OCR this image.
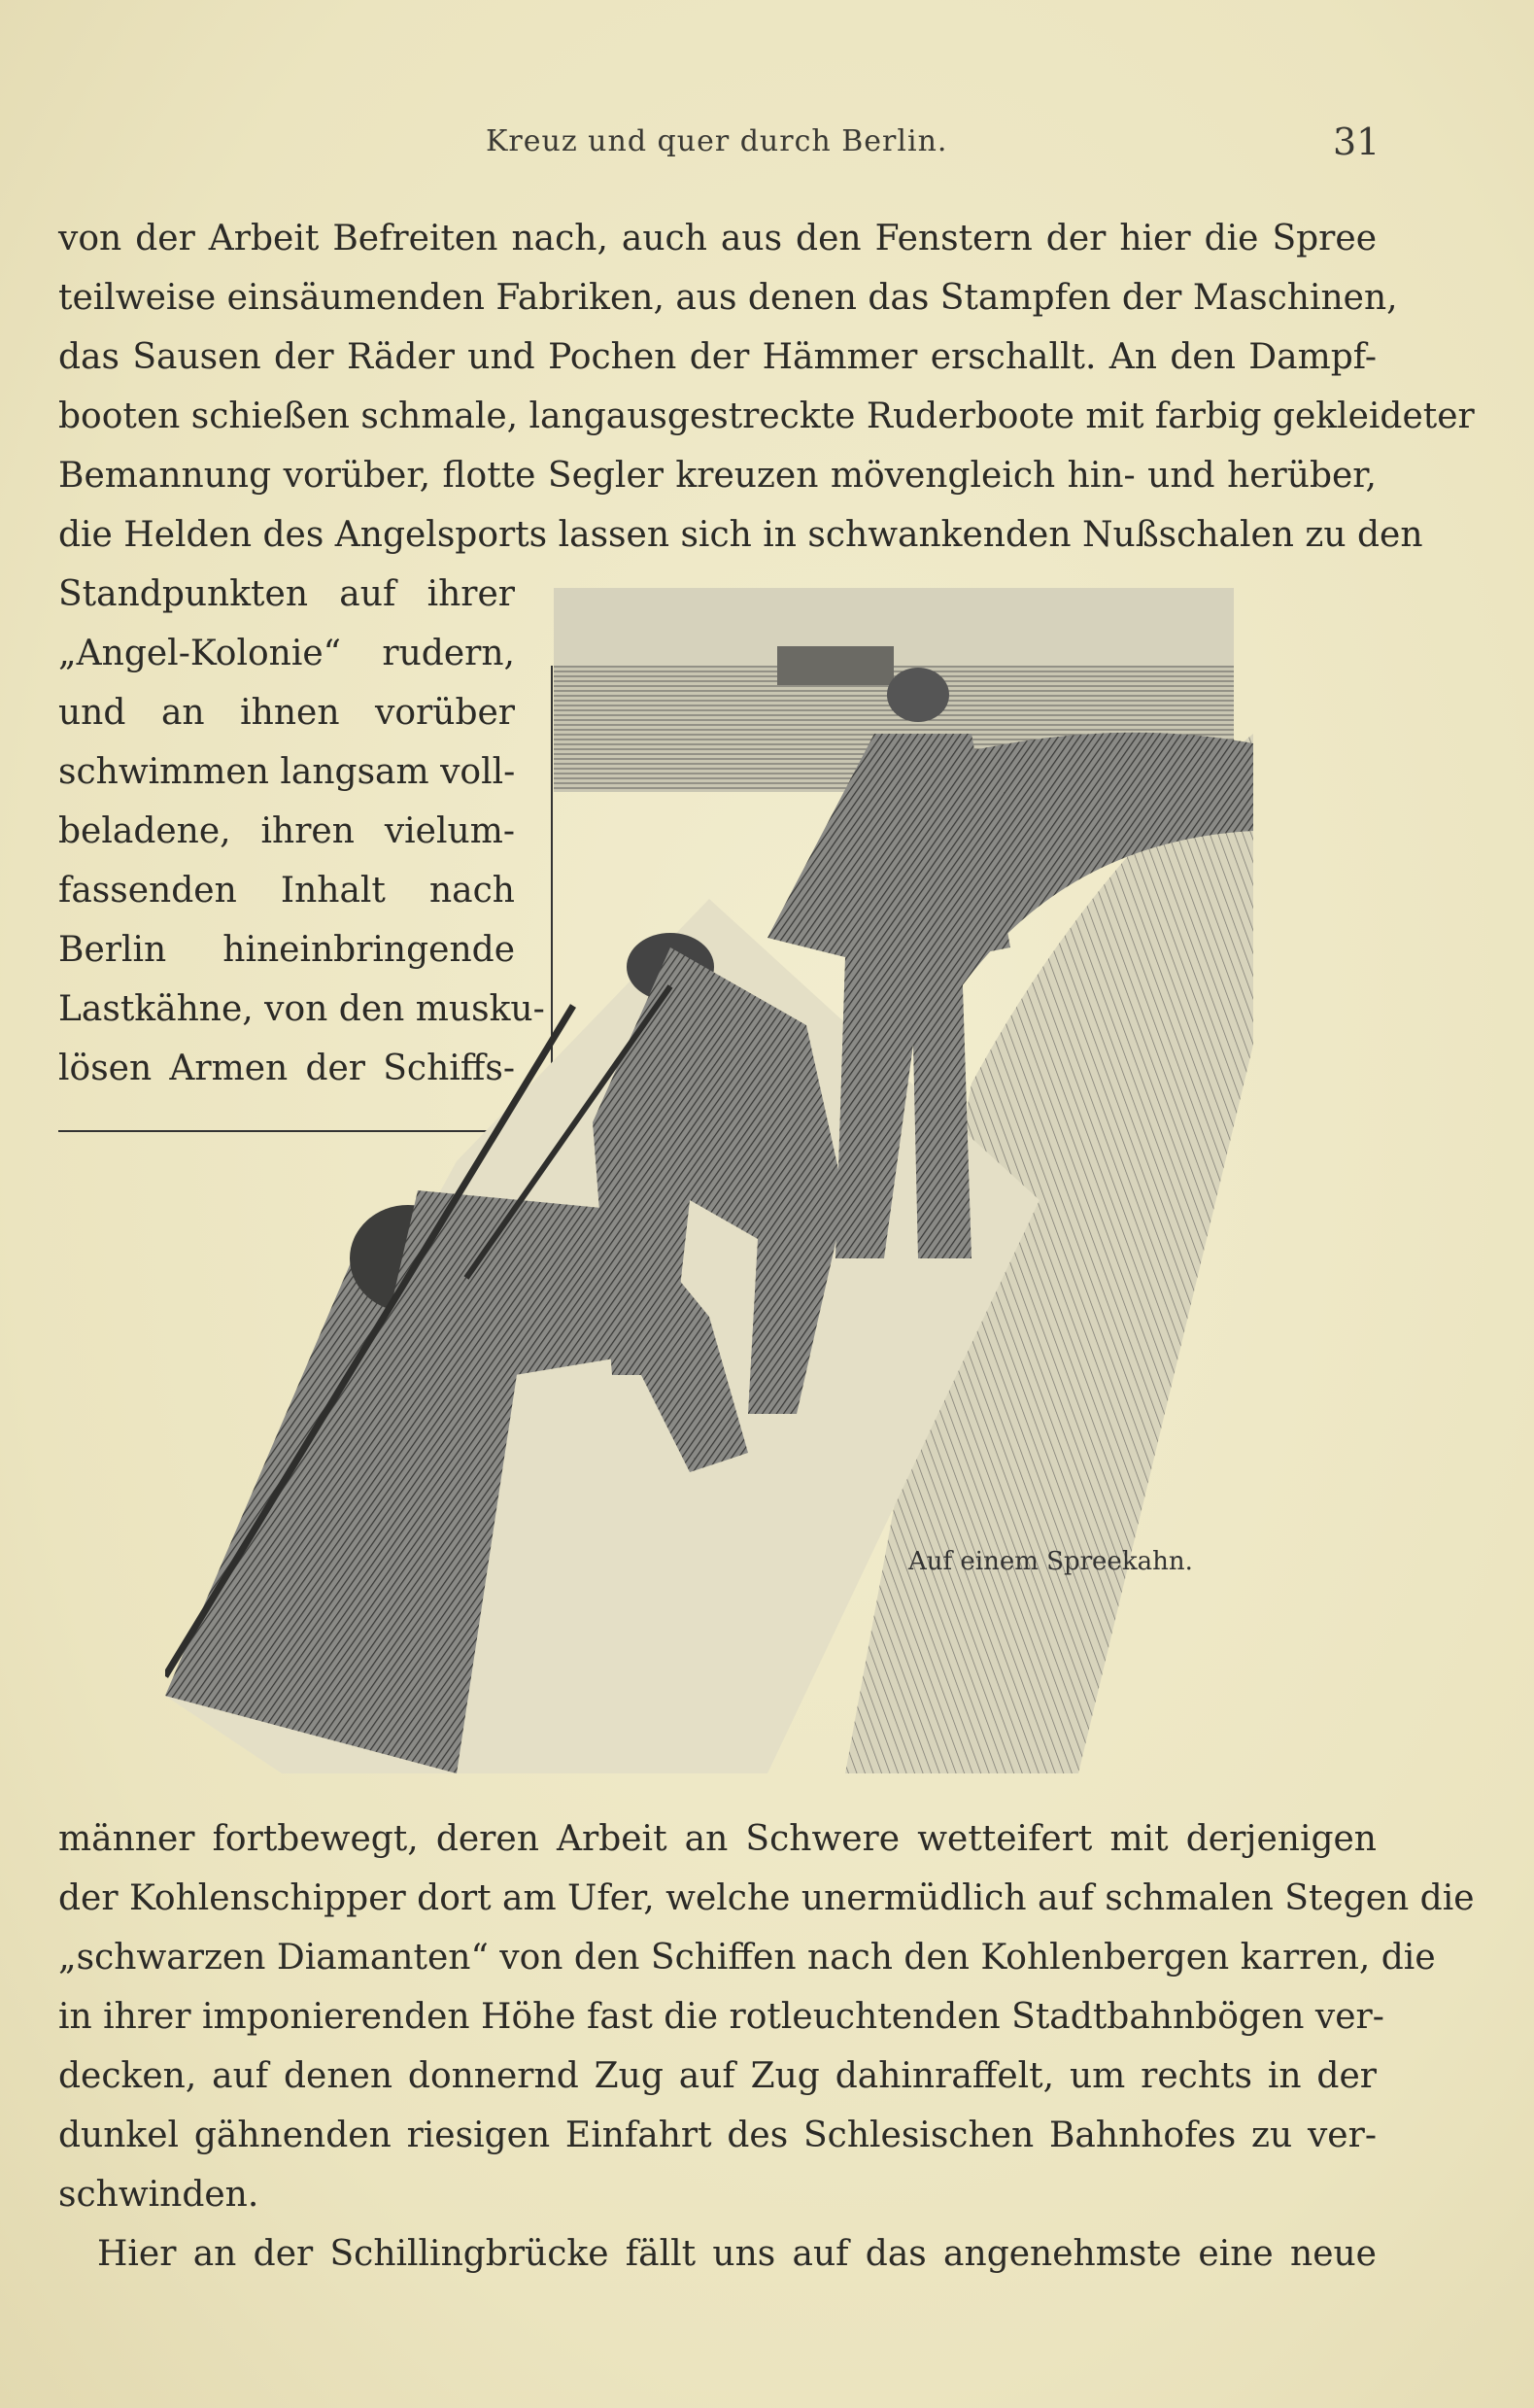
Kreuz und quer durch Berlin.	31
von der Arbeit Befreiten nach, auch aus den Fenstern der hier die Spree
teilweise einsäumenden Fabriken, aus denen das Stampfen der Maschinen,
das Sausen der Räder und Pochen der Hämmer erschallt. An den Dampf-
booten schießen schmale, langausgestreckte Ruderboote mit farbig gekleideter
Bemannung vorüber, flotte Segler kreuzen mövengleich hin- und herüber,
die Helden des Angelsports lassen sich in schwankenden Nußschalen zu den
Standpunkten auf ihrer
„Angel-Kolonie“ rudern,
und an ihnen vorüber
schwimmen langsam voll-
beladene, ihren vielum-
fassenden Inhalt nach
Berlin hineinbringende
Lastkähne, von den musku-
lösen Armen der Schiffs-
Auf einem Spreekahn.
männer fortbewegt, deren Arbeit an Schwere wetteifert mit derjenigen
der Kohlenschipper dort am Ufer, welche unermüdlich auf schmalen Stegen die
„schwarzen Diamanten“ von den Schiffen nach den Kohlenbergen karren, die
in ihrer imponierenden Höhe fast die rotleuchtenden Stadtbahnbögen ver-
decken, auf denen donnernd Zug auf Zug dahinraffelt, um rechts in der
dunkel gähnenden riesigen Einfahrt des Schlesischen Bahnhofes zu ver-
schwinden.
Hier an der Schillingbrücke fällt uns auf das angenehmste eine neue
